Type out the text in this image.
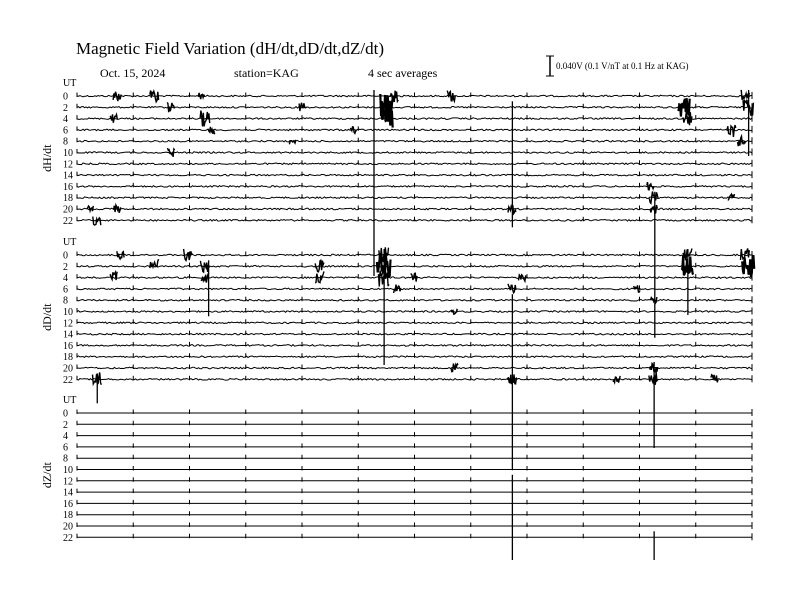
Magnetic Field Variation (dH/dt,dD/dt,dZ/dt)
Oct. 15, 2024	station=KAG	4 sec averages	0.040V (0.1 V/nT at 0.1 Hz at KAG)
UT
dH/dt
0
2
4
6
8
10
12
14
16
18
20
22
UT
dD/dt
0
2
4
6
8
10
12
14
16
18
20
22
UT
dZ/dt
0
2
4
6
8
10
12
14
16
18
20
22
